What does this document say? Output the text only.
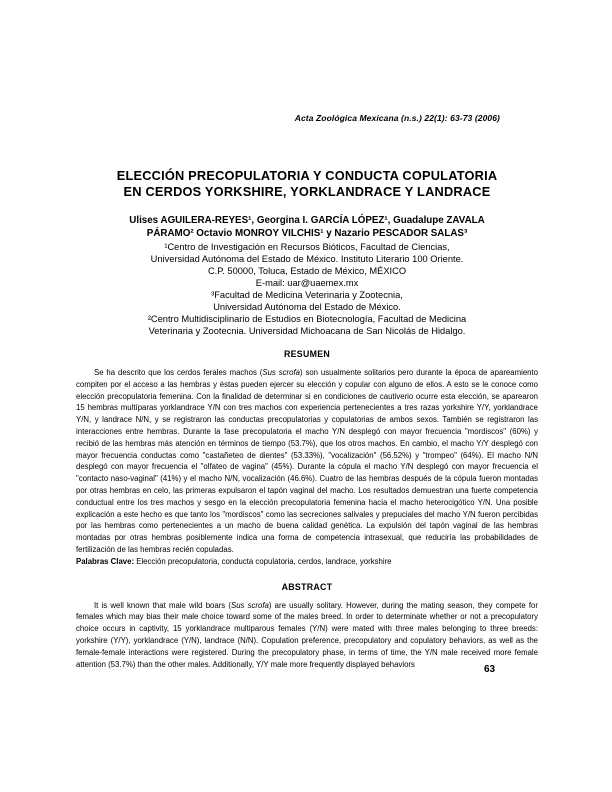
Acta Zoológica Mexicana (n.s.) 22(1): 63-73 (2006)
ELECCIÓN PRECOPULATORIA Y CONDUCTA COPULATORIA
EN CERDOS YORKSHIRE, YORKLANDRACE Y LANDRACE
Ulises AGUILERA-REYES¹, Georgina I. GARCÍA LÓPEZ¹, Guadalupe ZAVALA
PÁRAMO² Octavio MONROY VILCHIS¹ y Nazario PESCADOR SALAS³
¹Centro de Investigación en Recursos Bióticos, Facultad de Ciencias,
Universidad Autónoma del Estado de México. Instituto Literario 100 Oriente.
C.P. 50000, Toluca, Estado de México, MÉXICO
E-mail: uar@uaemex.mx
³Facultad de Medicina Veterinaria y Zootecnia,
Universidad Autónoma del Estado de México.
²Centro Multidisciplinario de Estudios en Biotecnología, Facultad de Medicina
Veterinaria y Zootecnia. Universidad Michoacana de San Nicolás de Hidalgo.
RESUMEN

Se ha descrito que los cerdos ferales machos (Sus scrofa) son usualmente solitarios pero durante la época de apareamiento compiten por el acceso a las hembras y éstas pueden ejercer su elección y copular con alguno de ellos. A esto se le conoce como elección precopulatoria femenina. Con la finalidad de determinar si en condiciones de cautiverio ocurre esta elección, se aparearon 15 hembras multíparas yorklandrace Y/N con tres machos con experiencia pertenecientes a tres razas yorkshire Y/Y, yorklandrace Y/N, y landrace N/N, y se registraron las conductas precopulatorias y copulatorias de ambos sexos. También se registraron las interacciones entre hembras. Durante la fase precopulatoria el macho Y/N desplegó con mayor frecuencia "mordiscos" (60%) y recibió de las hembras más atención en términos de tiempo (53.7%), que los otros machos. En cambio, el macho Y/Y desplegó con mayor frecuencia conductas como "castañeteo de dientes" (53.33%), "vocalización" (56.52%) y "trompeo" (64%). El macho N/N desplegó con mayor frecuencia el "olfateo de vagina" (45%). Durante la cópula el macho Y/N desplegó con mayor frecuencia el "contacto naso-vaginal" (41%) y el macho N/N, vocalización (46.6%). Cuatro de las hembras después de la cópula fueron montadas por otras hembras en celo, las primeras expulsaron el tapón vaginal del macho. Los resultados demuestran una fuerte competencia conductual entre los tres machos y sesgo en la elección precopulatoria femenina hacia el macho heterocigótico Y/N. Una posible explicación a este hecho es que tanto los "mordiscos" como las secreciones salivales y prepuciales del macho Y/N fueron percibidas por las hembras como pertenecientes a un macho de buena calidad genética. La expulsión del tapón vaginal de las hembras montadas por otras hembras posiblemente indica una forma de competencia intrasexual, que reduciría las probabilidades de fertilización de las hembras recién copuladas.

Palabras Clave: Elección precopulatoria, conducta copulatoria, cerdos, landrace, yorkshire

ABSTRACT

It is well known that male wild boars (Sus scrofa) are usually solitary. However, during the mating season, they compete for females which may bias their male choice toward some of the males breed. In order to determinate whether or not a precopulatory choice occurs in captivity, 15 yorklandrace multiparous females (Y/N) were mated with three males belonging to three breeds: yorkshire (Y/Y), yorklandrace (Y/N), landrace (N/N). Copulation preference, precopulatory and copulatory behaviors, as well as the female-female interactions were registered. During the precopulatory phase, in terms of time, the Y/N male received more female attention (53.7%) than the other males. Additionally, Y/Y male more frequently displayed behaviors	63
